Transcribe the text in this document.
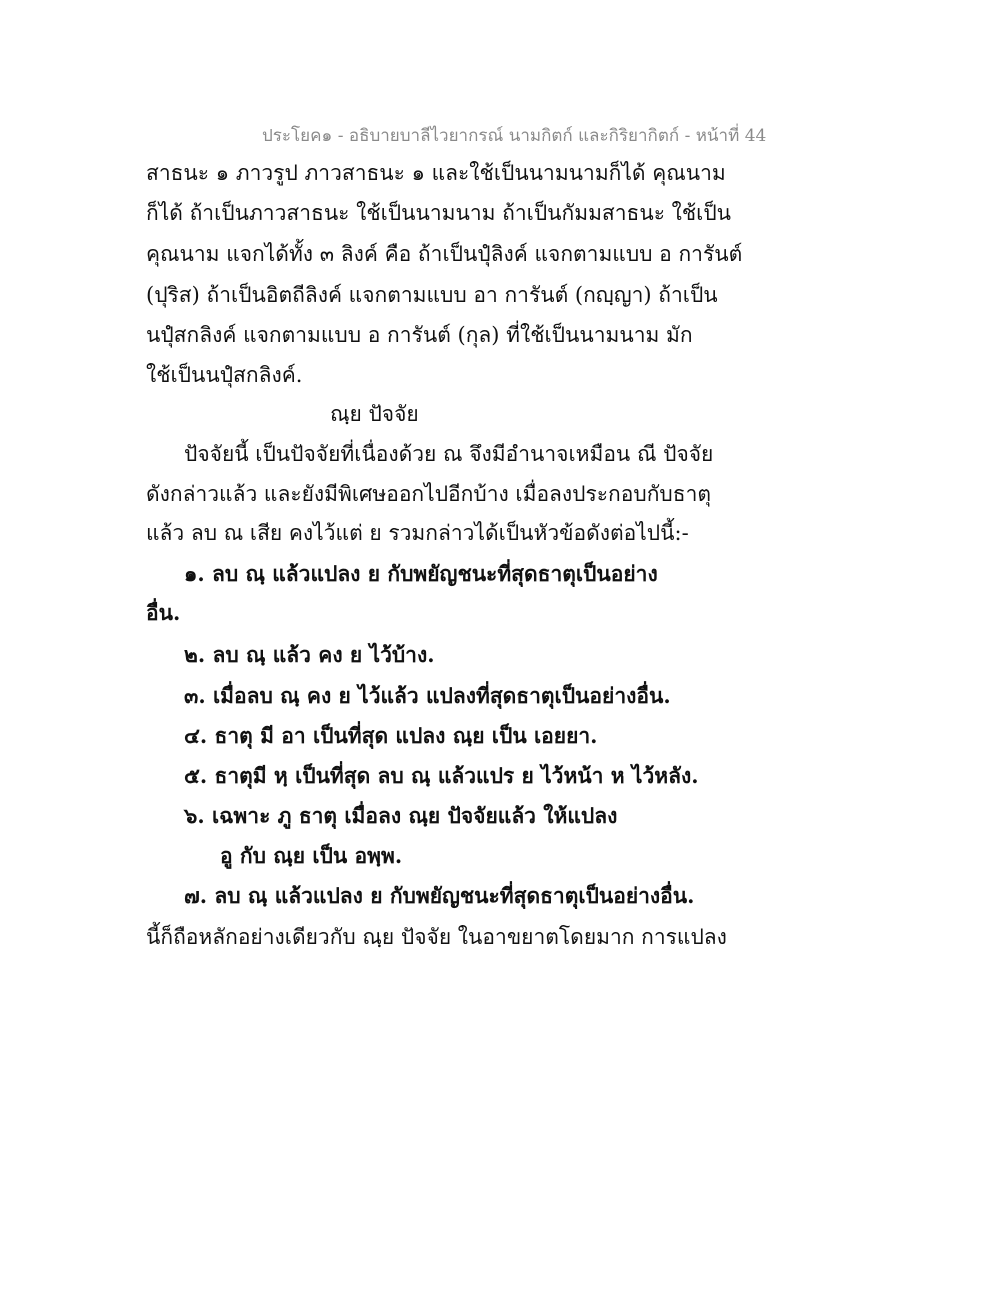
ประโยค๑ - อธิบายบาลีไวยากรณ์ นามกิตก์ และกิริยากิตก์ - หน้าที่ 44
สาธนะ ๑ ภาวรูป ภาวสาธนะ ๑ และใช้เป็นนามนามก็ได้ คุณนาม
ก็ได้ ถ้าเป็นภาวสาธนะ ใช้เป็นนามนาม ถ้าเป็นกัมมสาธนะ ใช้เป็น
คุณนาม แจกได้ทั้ง ๓ ลิงค์ คือ ถ้าเป็นปุํลิงค์ แจกตามแบบ อ การันต์
(ปุริส) ถ้าเป็นอิตถีลิงค์ แจกตามแบบ อา การันต์ (กญฺญา) ถ้าเป็น
นปุํสกลิงค์ แจกตามแบบ อ การันต์ (กุล) ที่ใช้เป็นนามนาม มัก
ใช้เป็นนปุํสกลิงค์.
ณฺย ปัจจัย
ปัจจัยนี้ เป็นปัจจัยที่เนื่องด้วย ณ จึงมีอำนาจเหมือน ณี ปัจจัย
ดังกล่าวแล้ว และยังมีพิเศษออกไปอีกบ้าง เมื่อลงประกอบกับธาตุ
แล้ว ลบ ณ เสีย คงไว้แต่ ย รวมกล่าวได้เป็นหัวข้อดังต่อไปนี้:-
๑. ลบ ณฺ แล้วแปลง ย กับพยัญชนะที่สุดธาตุเป็นอย่าง
อื่น.
๒. ลบ ณฺ แล้ว คง ย ไว้บ้าง.
๓. เมื่อลบ ณฺ คง ย ไว้แล้ว แปลงที่สุดธาตุเป็นอย่างอื่น.
๔. ธาตุ มี อา เป็นที่สุด แปลง ณฺย เป็น เอยยา.
๕. ธาตุมี หฺ เป็นที่สุด ลบ ณฺ แล้วแปร ย ไว้หน้า ห ไว้หลัง.
๖. เฉพาะ ภู ธาตุ เมื่อลง ณฺย ปัจจัยแล้ว ให้แปลง
อู กับ ณฺย เป็น อพฺพ.
๗. ลบ ณฺ แล้วแปลง ย กับพยัญชนะที่สุดธาตุเป็นอย่างอื่น.
นี้ก็ถือหลักอย่างเดียวกับ ณฺย ปัจจัย ในอาขยาตโดยมาก การแปลง
